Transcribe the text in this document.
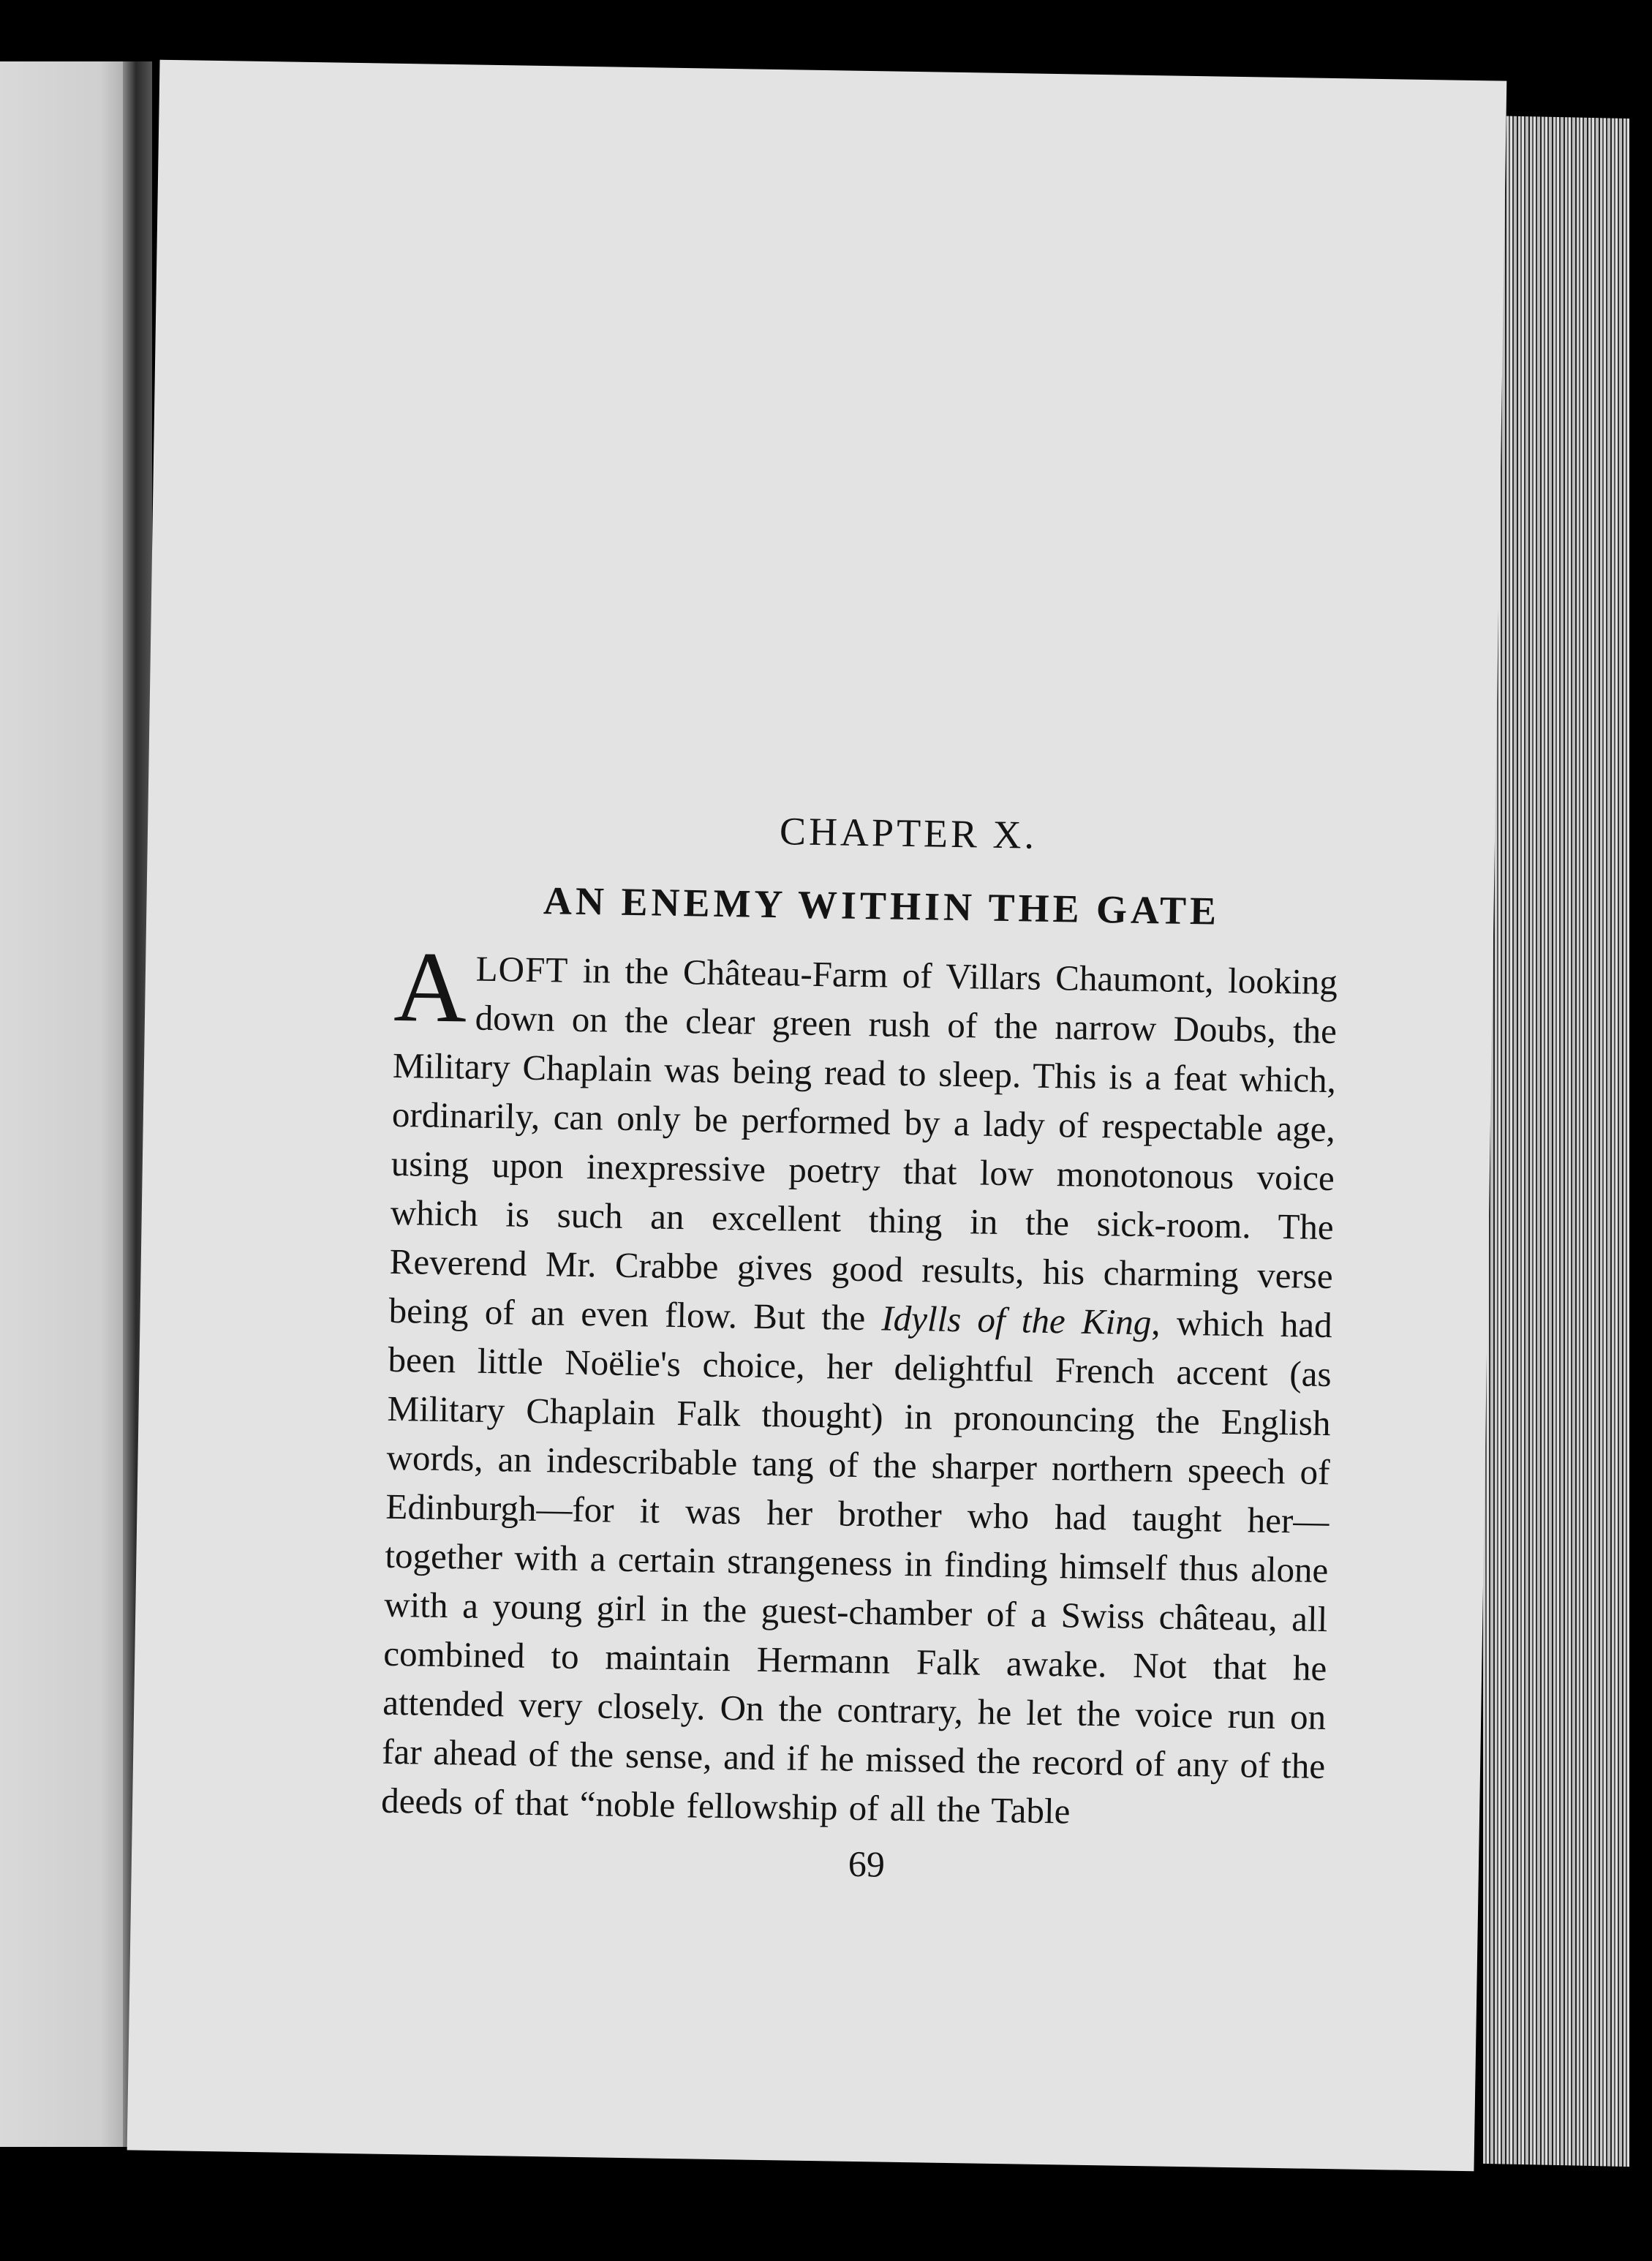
CHAPTER X.
AN ENEMY WITHIN THE GATE

ALOFT in the Château-Farm of Villars Chaumont, looking down on the clear green rush of the narrow Doubs, the Military Chaplain was being read to sleep. This is a feat which, ordinarily, can only be performed by a lady of respectable age, using upon inexpressive poetry that low monotonous voice which is such an excellent thing in the sick-room. The Reverend Mr. Crabbe gives good results, his charming verse being of an even flow. But the Idylls of the King, which had been little Noëlie's choice, her delightful French accent (as Military Chaplain Falk thought) in pronouncing the English words, an indescribable tang of the sharper northern speech of Edinburgh—for it was her brother who had taught her—together with a certain strangeness in finding himself thus alone with a young girl in the guest-chamber of a Swiss château, all combined to maintain Hermann Falk awake. Not that he attended very closely. On the contrary, he let the voice run on far ahead of the sense, and if he missed the record of any of the deeds of that “noble fellowship of all the Table

69
